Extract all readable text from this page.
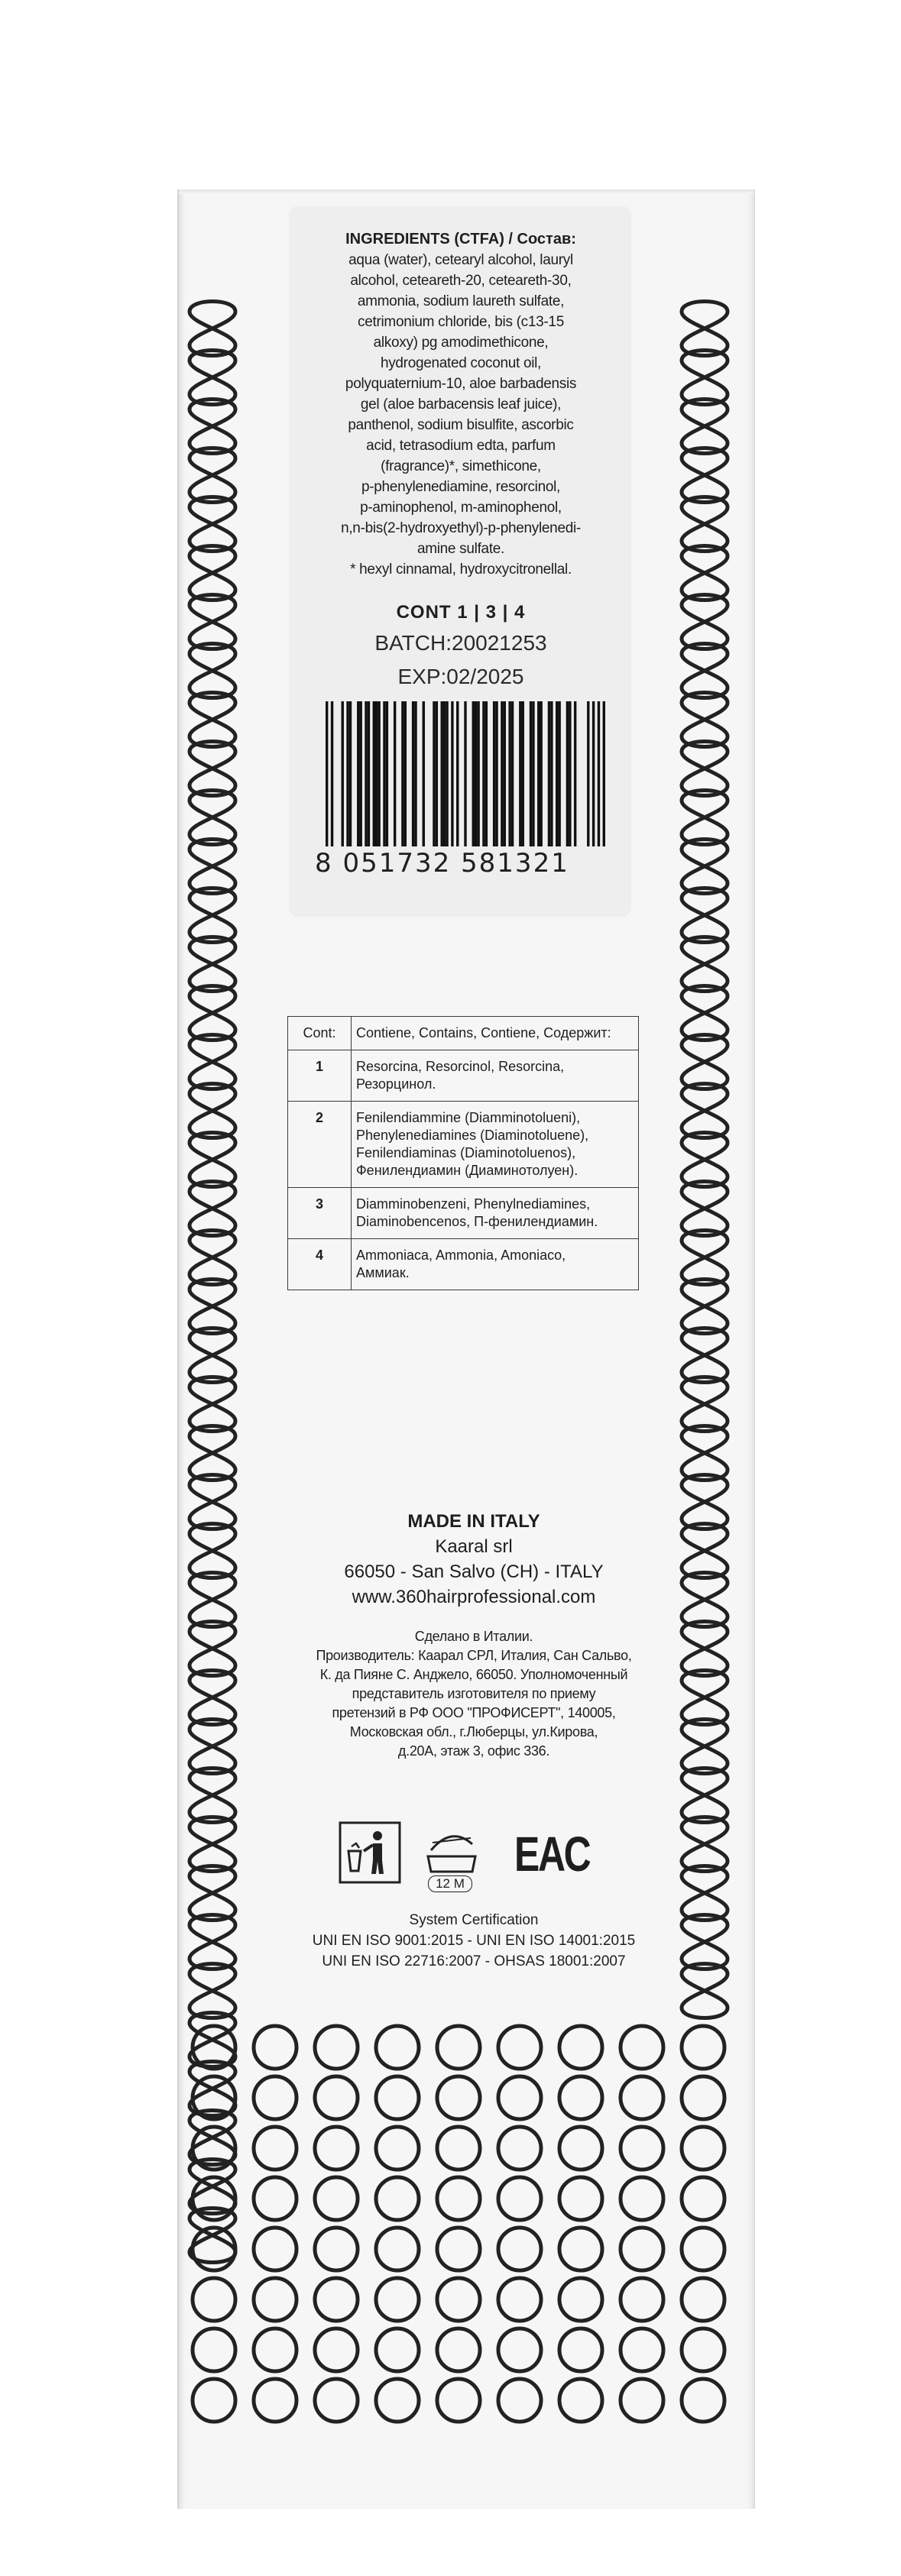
INGREDIENTS (CTFA) / Состав:
aqua (water), cetearyl alcohol, lauryl
alcohol, ceteareth-20, ceteareth-30,
ammonia, sodium laureth sulfate,
cetrimonium chloride, bis (c13-15
alkoxy) pg amodimethicone,
hydrogenated coconut oil,
polyquaternium-10, aloe barbadensis
gel (aloe barbacensis leaf juice),
panthenol, sodium bisulfite, ascorbic
acid, tetrasodium edta, parfum
(fragrance)*, simethicone,
p-phenylenediamine, resorcinol,
p-aminophenol, m-aminophenol,
n,n-bis(2-hydroxyethyl)-p-phenylenedi-
amine sulfate.
* hexyl cinnamal, hydroxycitronellal.
CONT 1 | 3 | 4
BATCH:20021253
EXP:02/2025
8 051732 581321
Cont:	Contiene, Contains, Contiene, Содержит:
1	Resorcina, Resorcinol, Resorcina,
Резорцинол.

2	Fenilendiammine (Diamminotolueni),
Phenylenediamines (Diaminotoluene),
Fenilendiaminas (Diaminotoluenos),
Фенилендиамин (Диаминотолуен).

3	Diamminobenzeni, Phenylnediamines,
Diaminobencenos, П-фенилендиамин.

4	Ammoniaca, Ammonia, Amoniaco,
Аммиак.
MADE IN ITALY
Kaaral srl
66050 - San Salvo (CH) - ITALY
www.360hairprofessional.com
Сделано в Италии.
Производитель: Каарал СРЛ, Италия, Сан Сальво,
К. да Пияне С. Анджело, 66050. Уполномоченный
представитель изготовителя по приему
претензий в РФ ООО "ПРОФИСЕРТ", 140005,
Московская обл., г.Люберцы, ул.Кирова,
д.20А, этаж 3, офис 336.
12 M
EAC
System Certification
UNI EN ISO 9001:2015 - UNI EN ISO 14001:2015
UNI EN ISO 22716:2007 - OHSAS 18001:2007
